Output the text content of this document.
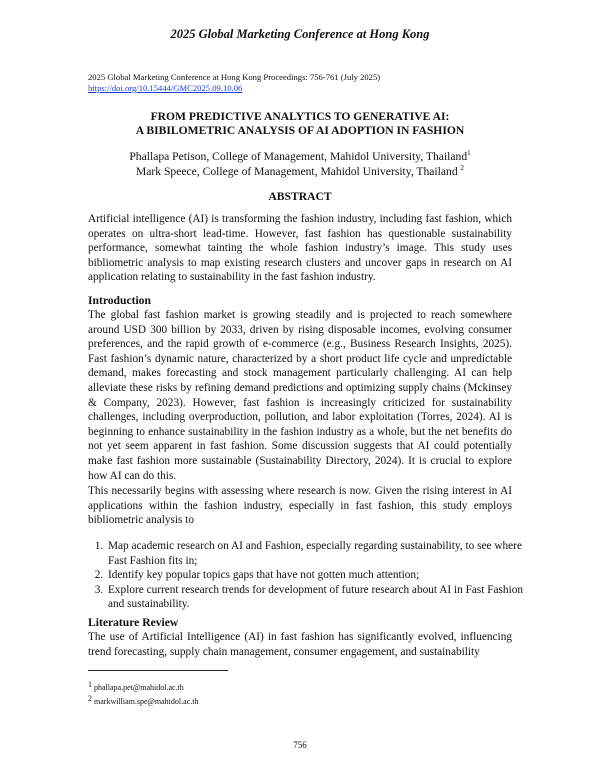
2025 Global Marketing Conference at Hong Kong
2025 Global Marketing Conference at Hong Kong Proceedings: 756-761 (July 2025)
https://doi.org/10.15444/GMC2025.09.10.06
FROM PREDICTIVE ANALYTICS TO GENERATIVE AI:
A BIBILOMETRIC ANALYSIS OF AI ADOPTION IN FASHION
Phallapa Petison, College of Management, Mahidol University, Thailand$^1$
Mark Speece, College of Management, Mahidol University, Thailand $^2$
ABSTRACT

Artificial intelligence (AI) is transforming the fashion industry, including fast fashion, which operates on ultra-short lead-time. However, fast fashion has questionable sustainability performance, somewhat tainting the whole fashion industry’s image. This study uses bibliometric analysis to map existing research clusters and uncover gaps in research on AI application relating to sustainability in the fast fashion industry.

Introduction

The global fast fashion market is growing steadily and is projected to reach somewhere around USD 300 billion by 2033, driven by rising disposable incomes, evolving consumer preferences, and the rapid growth of e-commerce (e.g., Business Research Insights, 2025). Fast fashion’s dynamic nature, characterized by a short product life cycle and unpredictable demand, makes forecasting and stock management particularly challenging. AI can help alleviate these risks by refining demand predictions and optimizing supply chains (Mckinsey & Company, 2023). However, fast fashion is increasingly criticized for sustainability challenges, including overproduction, pollution, and labor exploitation (Torres, 2024). AI is beginning to enhance sustainability in the fashion industry as a whole, but the net benefits do not yet seem apparent in fast fashion. Some discussion suggests that AI could potentially make fast fashion more sustainable (Sustainability Directory, 2024). It is crucial to explore how AI can do this.

This necessarily begins with assessing where research is now. Given the rising interest in AI applications within the fashion industry, especially in fast fashion, this study employs bibliometric analysis to

1. Map academic research on AI and Fashion, especially regarding sustainability, to see where Fast Fashion fits in;
2. Identify key popular topics gaps that have not gotten much attention;
3. Explore current research trends for development of future research about AI in Fast Fashion and sustainability.
Literature Review

The use of Artificial Intelligence (AI) in fast fashion has significantly evolved, influencing trend forecasting, supply chain management, consumer engagement, and sustainability

$^1$ phallapa.pet@mahidol.ac.th
$^2$ markwilliam.spe@mahidol.ac.th
756
